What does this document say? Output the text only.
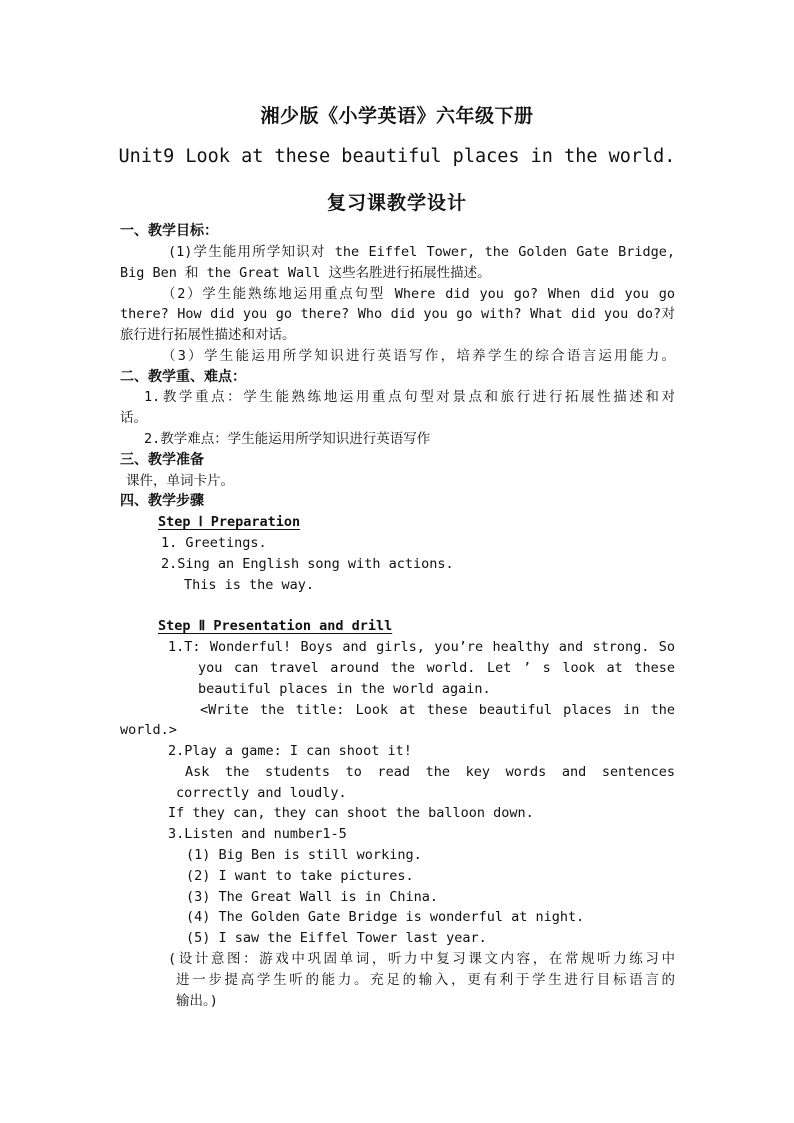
湘少版《小学英语》六年级下册
Unit9 Look at these beautiful places in the world.
复习课教学设计
一、教学目标：
(1)学生能用所学知识对 the Eiffel Tower, the Golden Gate Bridge,
Big Ben 和 the Great Wall 这些名胜进行拓展性描述。
（2）学生能熟练地运用重点句型 Where did you go? When did you go
there? How did you go there? Who did you go with? What did you do?对
旅行进行拓展性描述和对话。
（3）学生能运用所学知识进行英语写作，培养学生的综合语言运用能力。
二、教学重、难点：
1.教学重点：学生能熟练地运用重点句型对景点和旅行进行拓展性描述和对
话。
2.教学难点：学生能运用所学知识进行英语写作
三、教学准备
课件，单词卡片。
四、教学步骤
Step Ⅰ Preparation
1. Greetings.
2.Sing an English song with actions.
This is the way.
Step Ⅱ Presentation and drill
1.T: Wonderful! Boys and girls, you’re healthy and strong. So
you can travel around the world. Let ’ s look at these
beautiful places in the world again.
<Write the title: Look at these beautiful places in the
world.>
2.Play a game: I can shoot it!
Ask the students to read the key words and sentences
correctly and loudly.
If they can, they can shoot the balloon down.
3.Listen and number1-5
(1) Big Ben is still working.
(2) I want to take pictures.
(3) The Great Wall is in China.
(4) The Golden Gate Bridge is wonderful at night.
(5) I saw the Eiffel Tower last year.
(设计意图：游戏中巩固单词，听力中复习课文内容，在常规听力练习中
进一步提高学生听的能力。充足的输入，更有利于学生进行目标语言的
输出。)
